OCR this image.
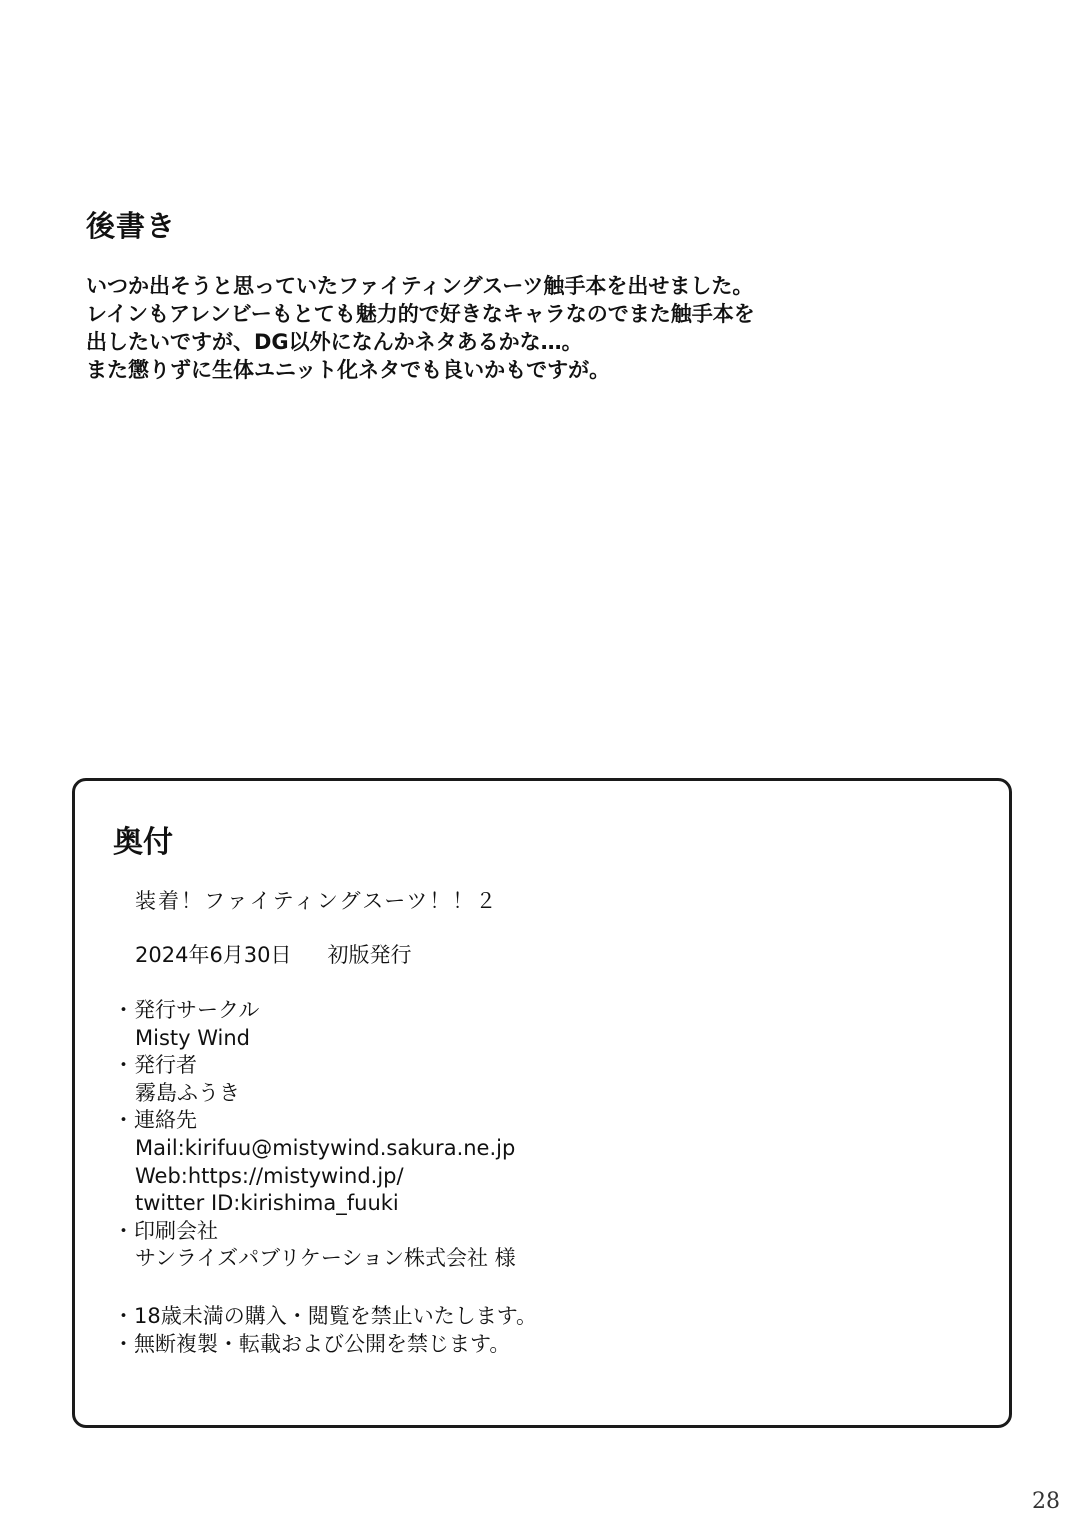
後書き
いつか出そうと思っていたファイティングスーツ触手本を出せました。
レインもアレンビーもとても魅力的で好きなキャラなのでまた触手本を
出したいですが、DG以外になんかネタあるかな…。
また懲りずに生体ユニット化ネタでも良いかもですが。
奥付
装着！ファイティングスーツ！！２
2024年6月30日 初版発行
・発行サークル
Misty Wind
・発行者
霧島ふうき
・連絡先
Mail:kirifuu@mistywind.sakura.ne.jp
Web:https://mistywind.jp/
twitter ID:kirishima_fuuki
・印刷会社
サンライズパブリケーション株式会社 様
・18歳未満の購入・閲覧を禁止いたします。
・無断複製・転載および公開を禁じます。
28
